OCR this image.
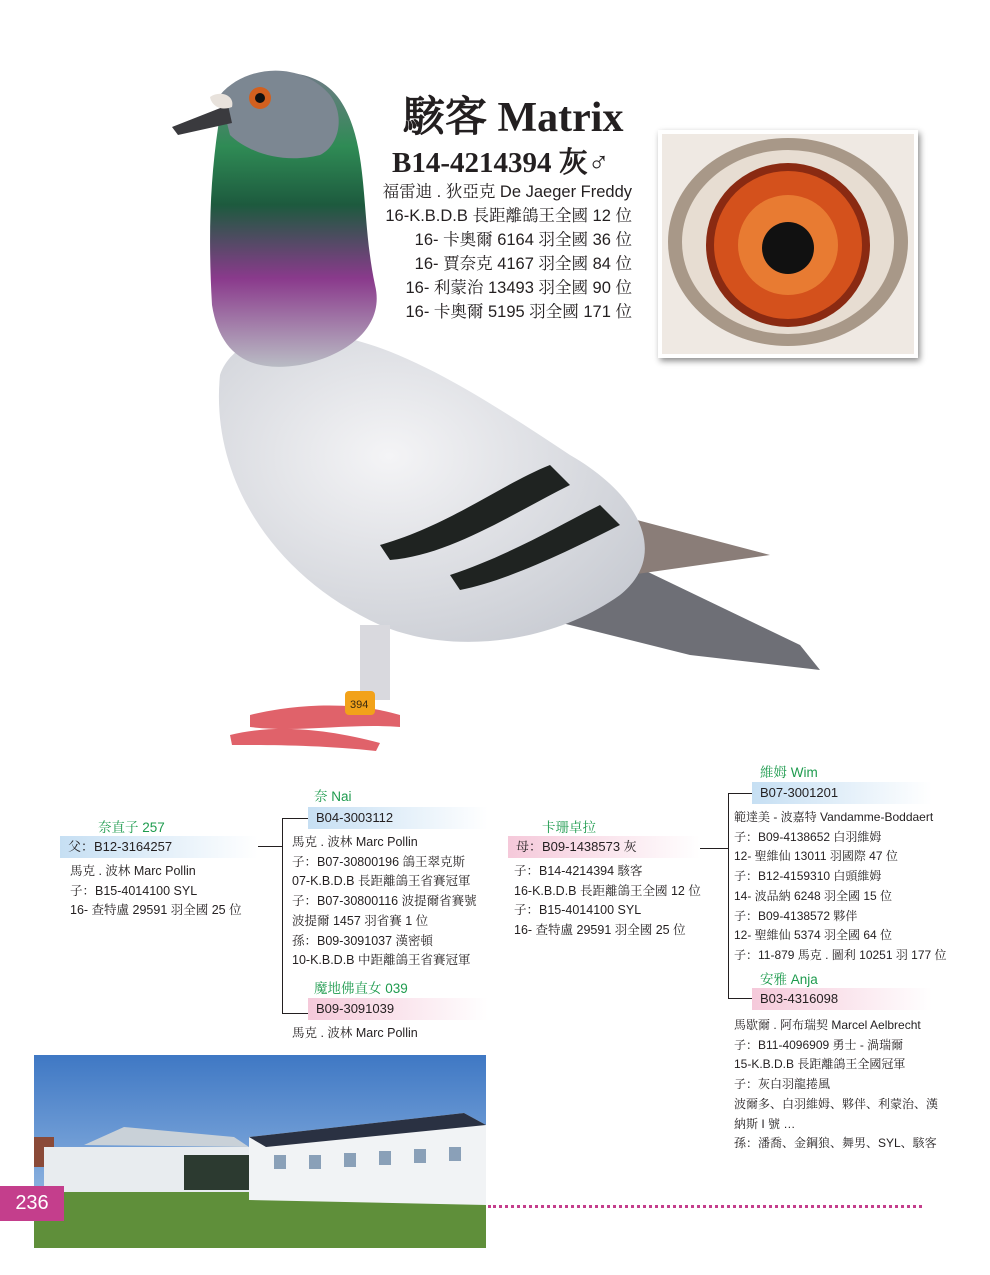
394
駭客 Matrix
B14-4214394 灰♂
福雷迪 . 狄亞克 De Jaeger Freddy
16-K.B.D.B 長距離鴿王全國 12 位
16- 卡奧爾 6164 羽全國 36 位
16- 賈奈克 4167 羽全國 84 位
16- 利蒙治 13493 羽全國 90 位
16- 卡奧爾 5195 羽全國 171 位
奈直子 257
父：B12-3164257
馬克 . 波林 Marc Pollin
子：B15-4014100 SYL
16- 查特盧 29591 羽全國 25 位
奈 Nai
B04-3003112
馬克 . 波林 Marc Pollin
子：B07-30800196 鴿王翠克斯
07-K.B.D.B 長距離鴿王省賽冠軍
子：B07-30800116 波提爾省賽號
波提爾 1457 羽省賽 1 位
孫：B09-3091037 漢密頓
10-K.B.D.B 中距離鴿王省賽冠軍
魔地佛直女 039
B09-3091039
馬克 . 波林 Marc Pollin
卡珊卓拉
母：B09-1438573 灰
子：B14-4214394 駭客
16-K.B.D.B 長距離鴿王全國 12 位
子：B15-4014100 SYL
16- 查特盧 29591 羽全國 25 位
維姆 Wim
B07-3001201
範達美 - 波嘉特 Vandamme-Boddaert
子：B09-4138652 白羽維姆
12- 聖維仙 13011 羽國際 47 位
子：B12-4159310 白頭維姆
14- 波品納 6248 羽全國 15 位
子：B09-4138572 夥伴
12- 聖維仙 5374 羽全國 64 位
子：11-879 馬克 . 圖利 10251 羽 177 位
安雅 Anja
B03-4316098
馬歇爾 . 阿布瑞契 Marcel Aelbrecht
子：B11-4096909 勇士 - 渦瑞爾
15-K.B.D.B 長距離鴿王全國冠軍
子：灰白羽龍捲風
波爾多、白羽維姆、夥伴、利蒙治、漢
納斯 I 號 …
孫：潘喬、金鋼狼、舞男、SYL、駭客
236
